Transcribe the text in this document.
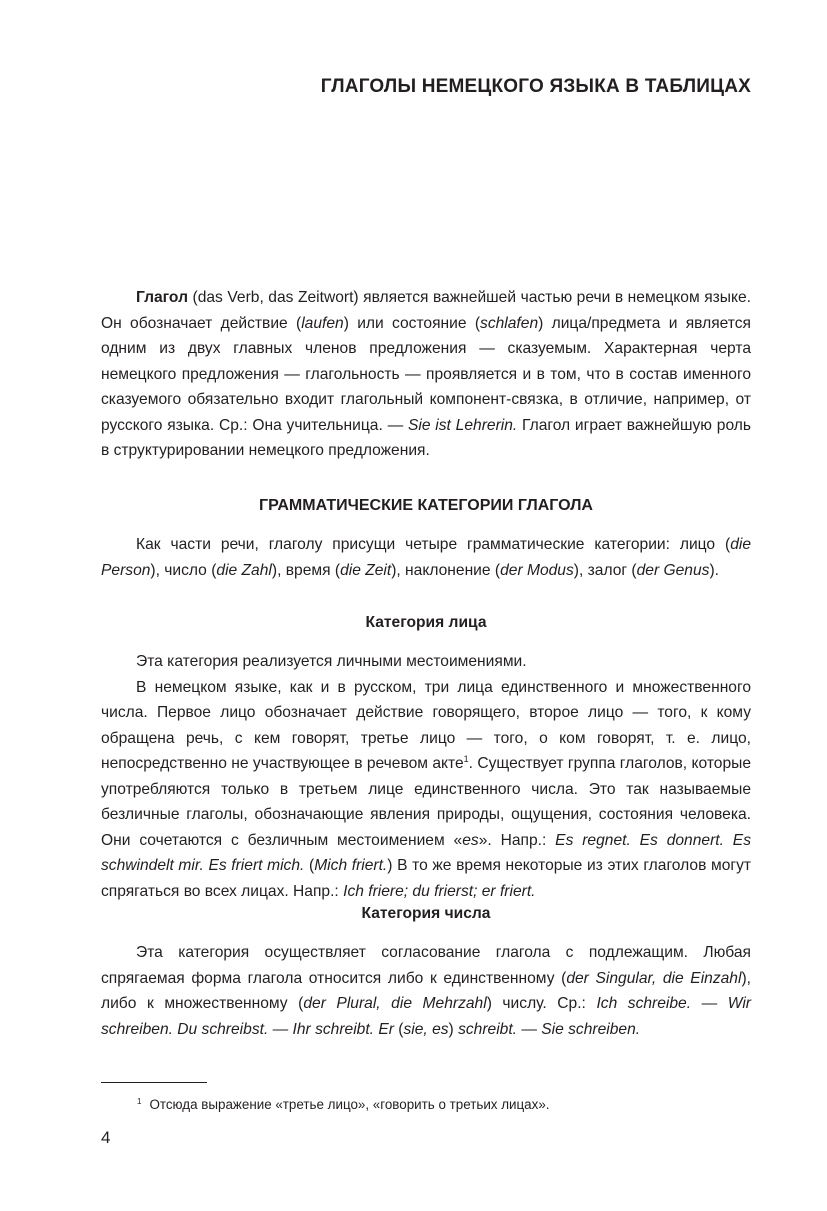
ГЛАГОЛЫ НЕМЕЦКОГО ЯЗЫКА В ТАБЛИЦАХ

Глагол (das Verb, das Zeitwort) является важнейшей частью речи в немецком языке. Он обозначает действие (laufen) или состояние (schlafen) лица/предмета и является одним из двух главных членов предложения — сказуемым. Характерная черта немецкого предложения — глагольность — проявляется и в том, что в состав именного сказуемого обязательно входит глагольный компонент-связка, в отличие, например, от русского языка. Ср.: Она учительница. — Sie ist Lehrerin. Глагол играет важнейшую роль в структурировании немецкого предложения.

ГРАММАТИЧЕСКИЕ КАТЕГОРИИ ГЛАГОЛА

Как части речи, глаголу присущи четыре грамматические категории: лицо (die Person), число (die Zahl), время (die Zeit), наклонение (der Modus), залог (der Genus).

Категория лица

Эта категория реализуется личными местоимениями.

В немецком языке, как и в русском, три лица единственного и множественного числа. Первое лицо обозначает действие говорящего, второе лицо — того, к кому обращена речь, с кем говорят, третье лицо — того, о ком говорят, т. е. лицо, непосредственно не участвующее в речевом акте$^1$. Существует группа глаголов, которые употребляются только в третьем лице единственного числа. Это так называемые безличные глаголы, обозначающие явления природы, ощущения, состояния человека. Они сочетаются с безличным местоимением «es». Напр.: Es regnet. Es donnert. Es schwindelt mir. Es friert mich. (Mich friert.) В то же время некоторые из этих глаголов могут спрягаться во всех лицах. Напр.: Ich friere; du frierst; er friert.

Категория числа

Эта категория осуществляет согласование глагола с подлежащим. Любая спрягаемая форма глагола относится либо к единственному (der Singular, die Einzahl), либо к множественному (der Plural, die Mehrzahl) числу. Ср.: Ich schreibe. — Wir schreiben. Du schreibst. — Ihr schreibt. Er (sie, es) schreibt. — Sie schreiben.

$^1$ Отсюда выражение «третье лицо», «говорить о третьих лицах».
4
